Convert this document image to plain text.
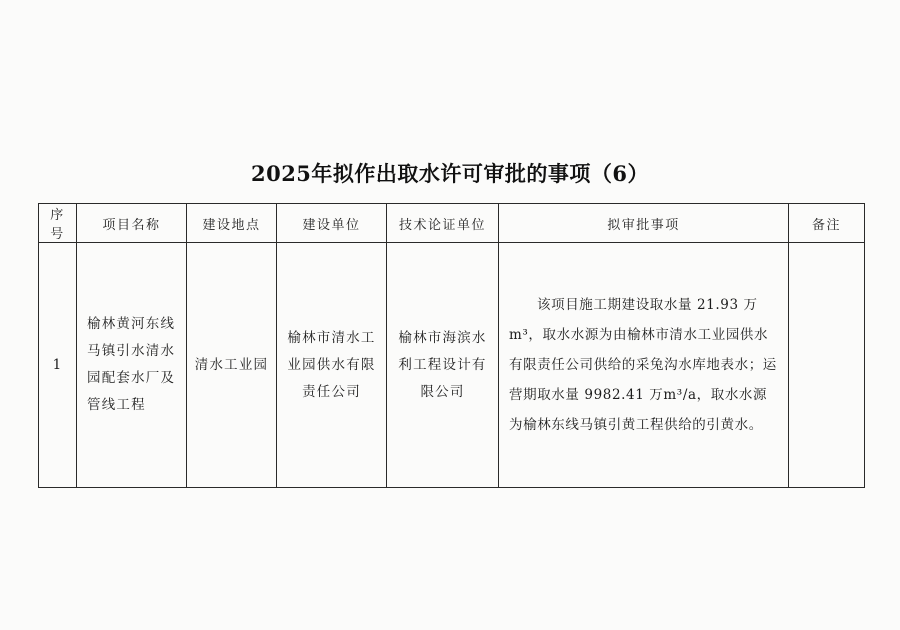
2025年拟作出取水许可审批的事项（6）
序号	项目名称	建设地点	建设单位	技术论证单位	拟审批事项	备注
1	榆林黄河东线马镇引水清水园配套水厂及管线工程	清水工业园	榆林市清水工业园供水有限责任公司	榆林市海滨水利工程设计有限公司	该项目施工期建设取水量 21.93 万m³，取水水源为由榆林市清水工业园供水有限责任公司供给的采兔沟水库地表水；运营期取水量 9982.41 万m³/a，取水水源为榆林东线马镇引黄工程供给的引黄水。	
